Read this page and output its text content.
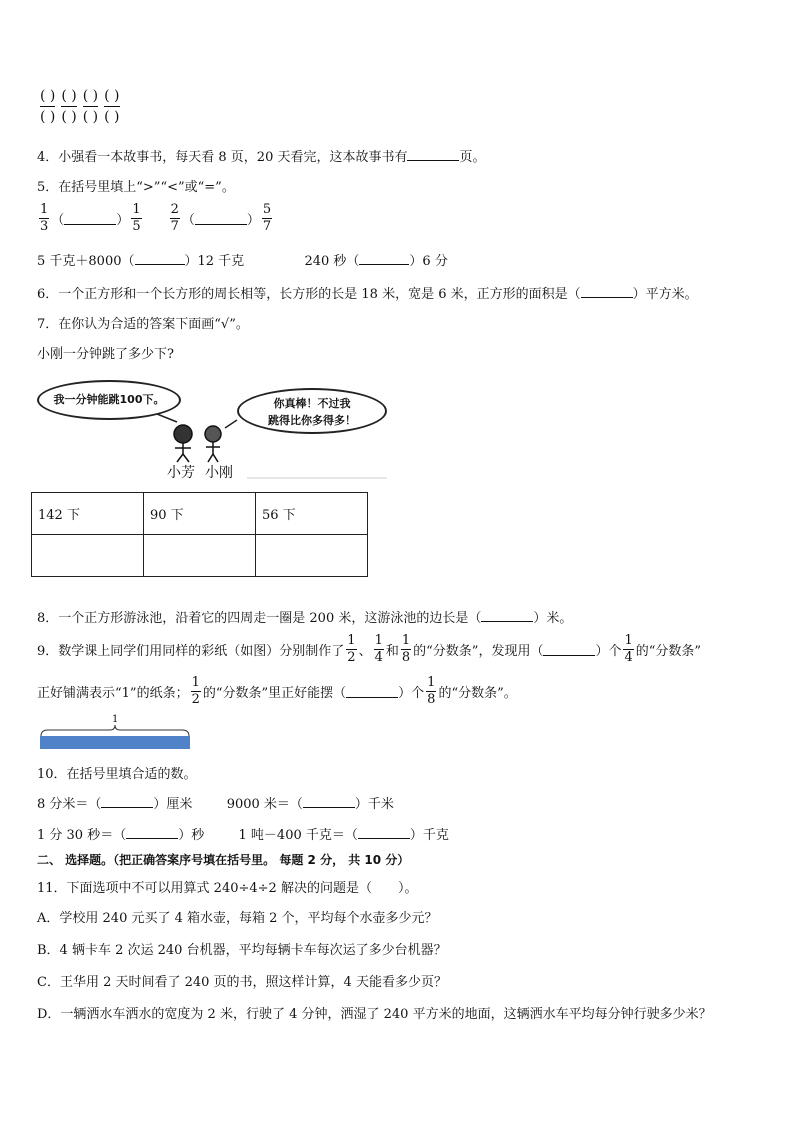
( )
( )
( )
( )
( )
( )
( )
( )
4．小强看一本故事书，每天看 8 页，20 天看完，这本故事书有	页。
5．在括号里填上“>”“<”或“=”。
$\frac{1}{3}$ （	） $\frac{1}{5} \frac{2}{7}$ （	） $\frac{5}{7}$
5 千克＋8000（	）12 千克	240 秒（	）6 分
6．一个正方形和一个长方形的周长相等，长方形的长是 18 米，宽是 6 米，正方形的面积是（	）平方米。
7．在你认为合适的答案下面画“√”。
小刚一分钟跳了多少下?
我一分钟能跳100下。	你真棒！不过我
跳得比你多得多！
小芳 小刚
142 下	90 下	56 下

8．一个正方形游泳池，沿着它的四周走一圈是 200 米，这游泳池的边长是（	）米。
9．数学课上同学们用同样的彩纸（如图）分别制作了 $\frac{1}{2}$ 、 $\frac{1}{4}$ 和 $\frac{1}{8}$ 的“分数条”，发现用（	）个 $\frac{1}{4}$ 的“分数条”
正好铺满表示“1”的纸条； $\frac{1}{2}$ 的“分数条”里正好能摆（	）个 $\frac{1}{8}$ 的“分数条”。
1
10．在括号里填合适的数。
8 分米＝（	）厘米	9000 米＝（	）千米
1 分 30 秒＝（	）秒	1 吨－400 千克＝（	）千克
二、 选择题。（把正确答案序号填在括号里。 每题 2 分， 共 10 分）
11．下面选项中不可以用算式 240÷4÷2 解决的问题是（　　）。
A．学校用 240 元买了 4 箱水壶，每箱 2 个，平均每个水壶多少元？
B．4 辆卡车 2 次运 240 台机器，平均每辆卡车每次运了多少台机器？
C．王华用 2 天时间看了 240 页的书，照这样计算，4 天能看多少页？
D．一辆洒水车洒水的宽度为 2 米，行驶了 4 分钟，洒湿了 240 平方米的地面，这辆洒水车平均每分钟行驶多少米？
